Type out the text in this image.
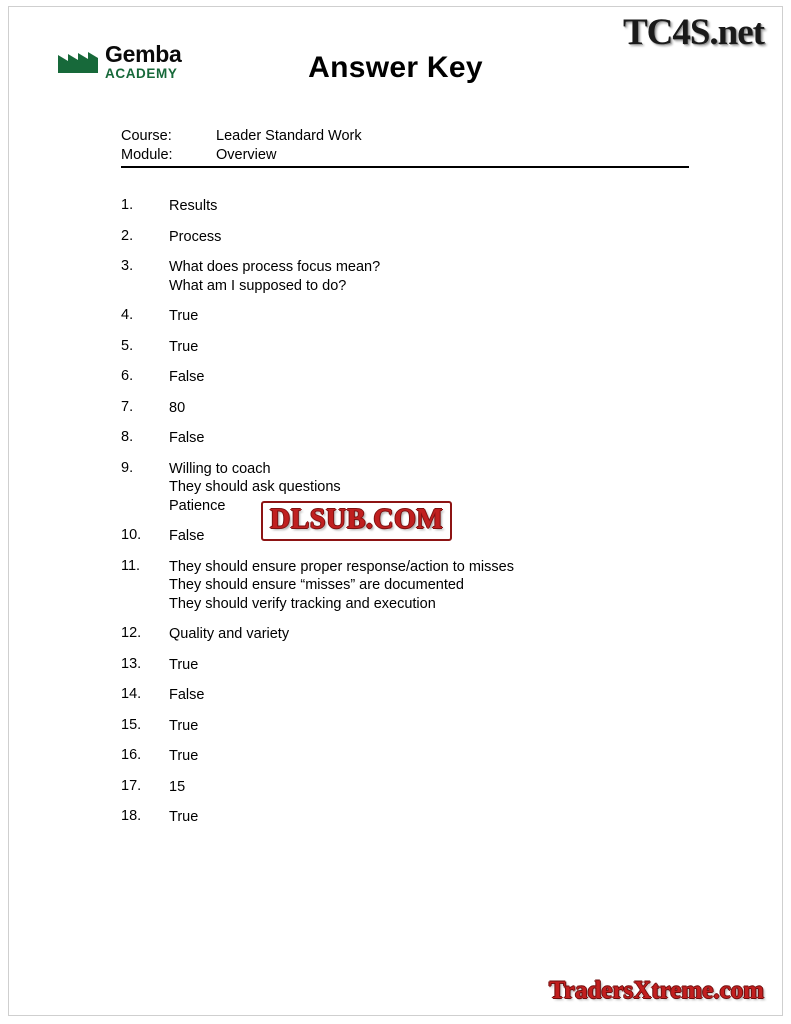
TC4S.net
Gemba
ACADEMY	Answer Key
Course:	Leader Standard Work
Module:	Overview
1.	Results
2.	Process
3.	What does process focus mean?
What am I supposed to do?
4.	True
5.	True
6.	False
7.	80
8.	False
9.	Willing to coach
They should ask questions
Patience
10.	False
11.	They should ensure proper response/action to misses
They should ensure “misses” are documented
They should verify tracking and execution
12.	Quality and variety
13.	True
14.	False
15.	True
16.	True
17.	15
18.	True
DLSUB.COM
TradersXtreme.com
